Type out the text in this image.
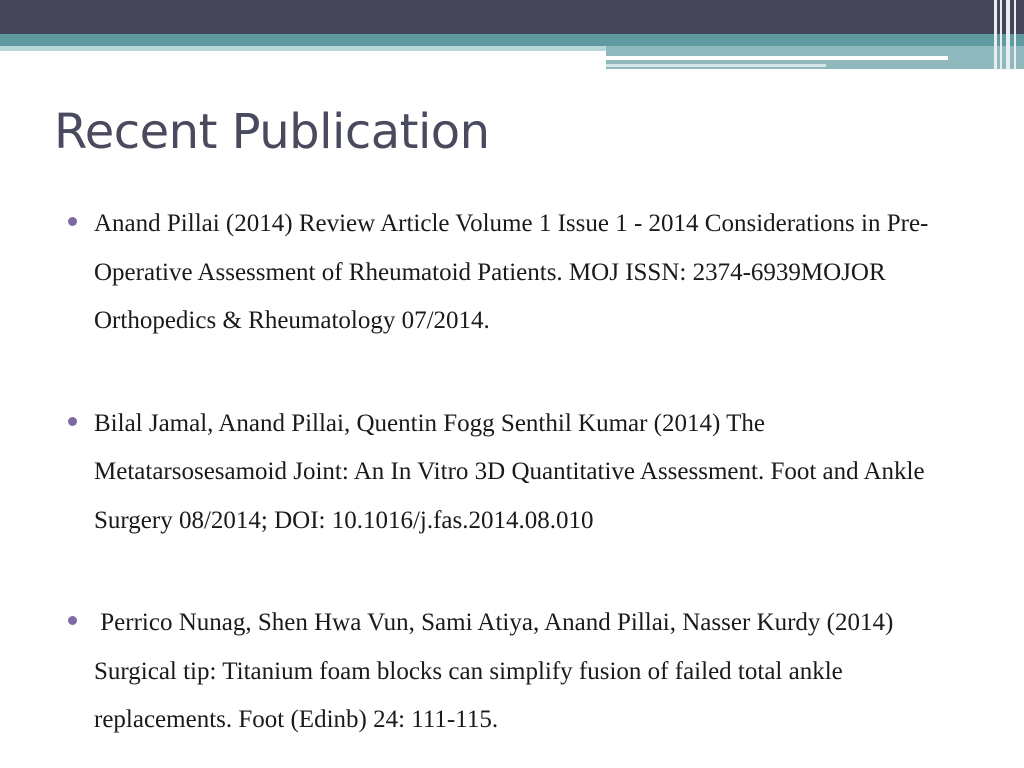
Recent Publication
Anand Pillai (2014) Review Article Volume 1 Issue 1 - 2014 Considerations in Pre-Operative Assessment of Rheumatoid Patients. MOJ ISSN: 2374-6939MOJOR Orthopedics & Rheumatology 07/2014.
Bilal Jamal, Anand Pillai, Quentin Fogg Senthil Kumar (2014) The Metatarsosesamoid Joint: An In Vitro 3D Quantitative Assessment. Foot and Ankle Surgery 08/2014; DOI: 10.1016/j.fas.2014.08.010
Perrico Nunag, Shen Hwa Vun, Sami Atiya, Anand Pillai, Nasser Kurdy (2014) Surgical tip: Titanium foam blocks can simplify fusion of failed total ankle replacements. Foot (Edinb) 24: 111-115.
